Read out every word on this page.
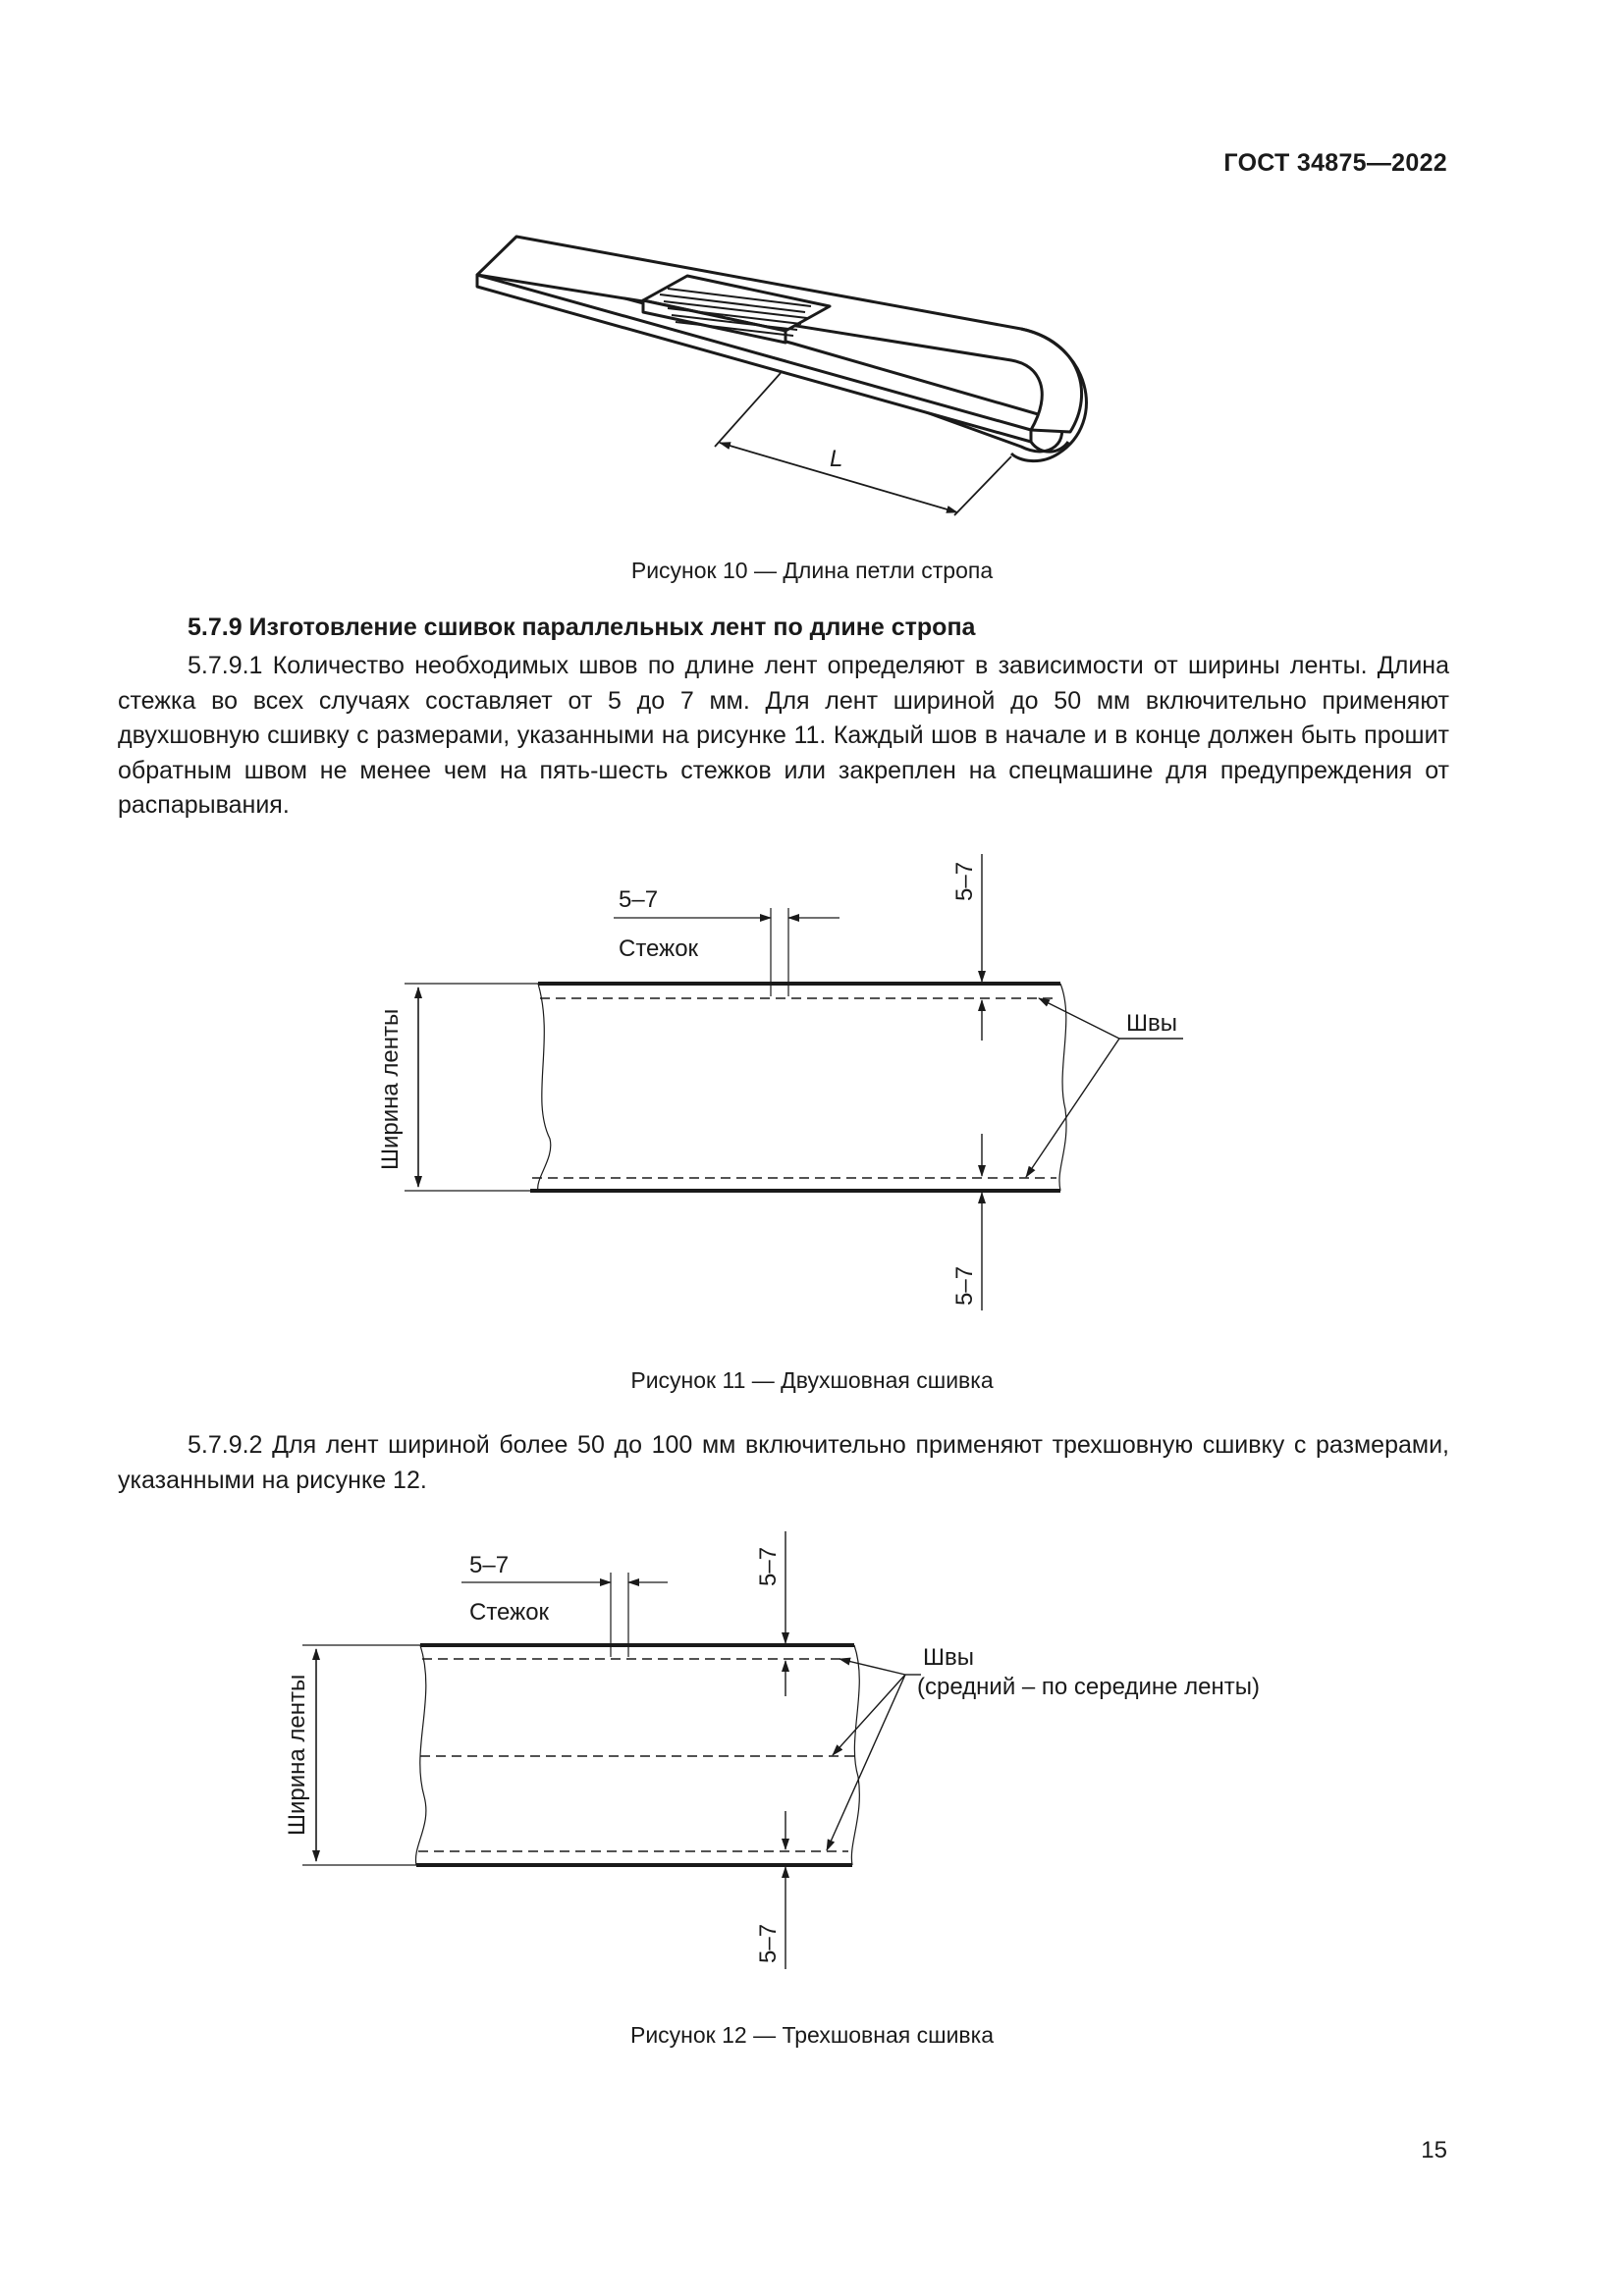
ГОСТ 34875—2022
L
Рисунок 10 — Длина петли стропа
5.7.9 Изготовление сшивок параллельных лент по длине стропа
5.7.9.1 Количество необходимых швов по длине лент определяют в зависимости от ширины ленты. Длина стежка во всех случаях составляет от 5 до 7 мм. Для лент шириной до 50 мм включительно применяют двухшовную сшивку с размерами, указанными на рисунке 11. Каждый шов в начале и в конце должен быть прошит обратным швом не менее чем на пять-шесть стежков или закреплен на спецмашине для предупреждения от распарывания.
5–7
Стежок
5–7
5–7
Ширина ленты	Швы
Рисунок 11 — Двухшовная сшивка
5.7.9.2 Для лент шириной более 50 до 100 мм включительно применяют трехшовную сшивку с размерами, указанными на рисунке 12.
5–7
Стежок
5–7
5–7
Ширина ленты
Швы
(средний – по середине ленты)
Рисунок 12 — Трехшовная сшивка
15
